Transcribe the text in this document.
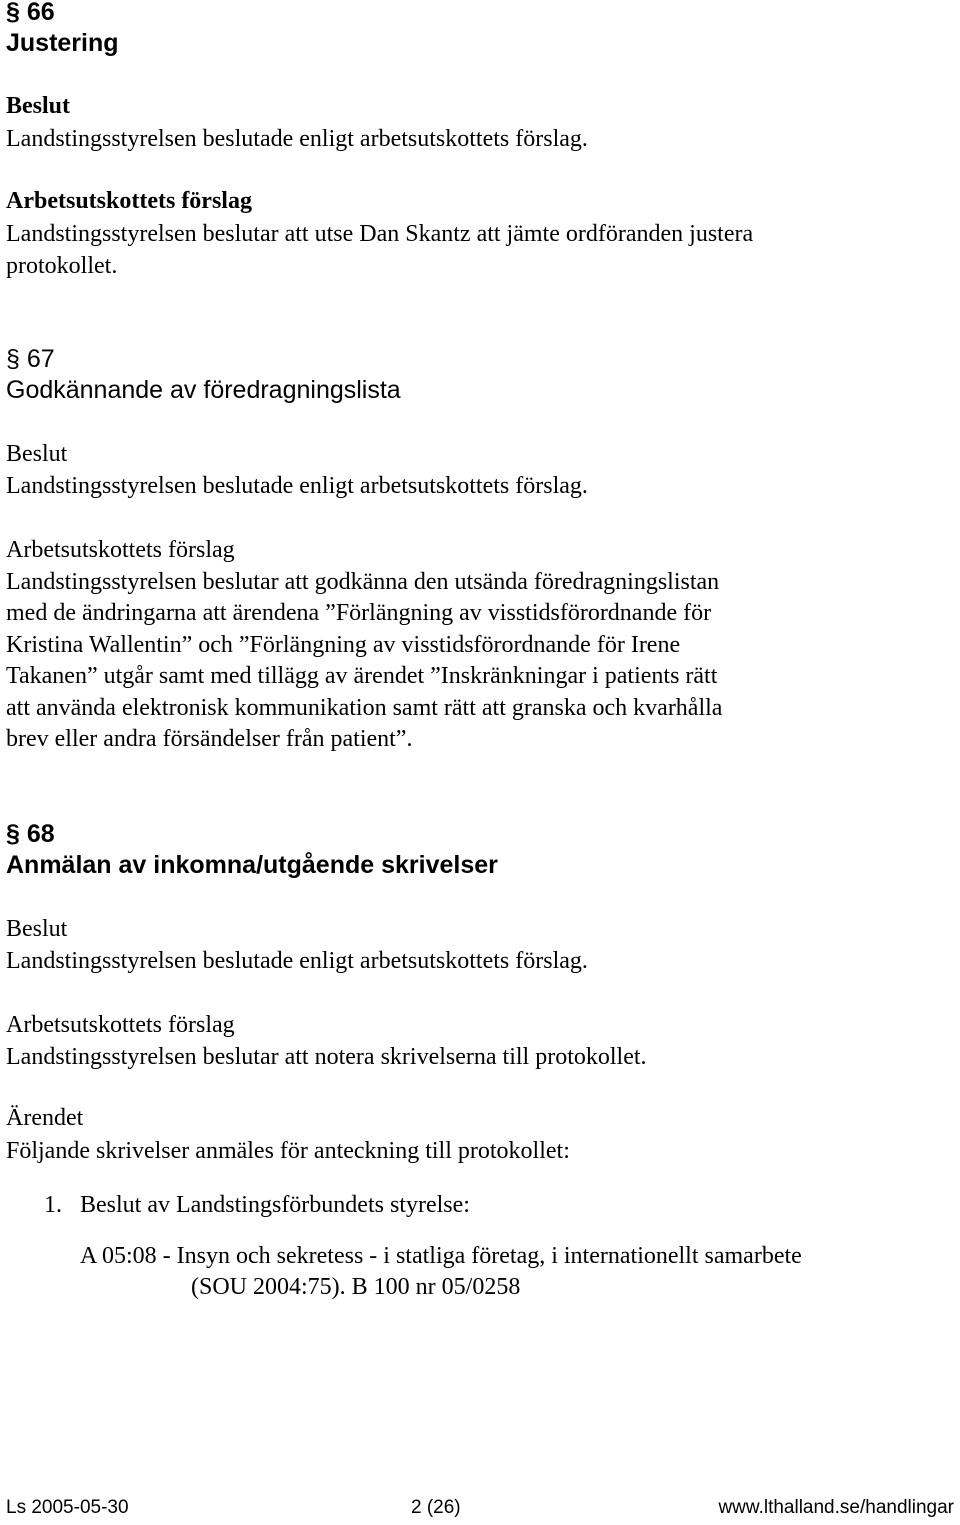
§ 66
Justering
Beslut
Landstingsstyrelsen beslutade enligt arbetsutskottets förslag.
Arbetsutskottets förslag
Landstingsstyrelsen beslutar att utse Dan Skantz att jämte ordföranden justera
protokollet.
§ 67
Godkännande av föredragningslista
Beslut
Landstingsstyrelsen beslutade enligt arbetsutskottets förslag.
Arbetsutskottets förslag
Landstingsstyrelsen beslutar att godkänna den utsända föredragningslistan
med de ändringarna att ärendena ”Förlängning av visstidsförordnande för
Kristina Wallentin” och ”Förlängning av visstidsförordnande för Irene
Takanen” utgår samt med tillägg av ärendet ”Inskränkningar i patients rätt
att använda elektronisk kommunikation samt rätt att granska och kvarhålla
brev eller andra försändelser från patient”.
§ 68
Anmälan av inkomna/utgående skrivelser
Beslut
Landstingsstyrelsen beslutade enligt arbetsutskottets förslag.
Arbetsutskottets förslag
Landstingsstyrelsen beslutar att notera skrivelserna till protokollet.
Ärendet
Följande skrivelser anmäles för anteckning till protokollet:
1. Beslut av Landstingsförbundets styrelse:
A 05:08 - Insyn och sekretess - i statliga företag, i internationellt samarbete
(SOU 2004:75). B 100 nr 05/0258
Ls 2005-05-30	2 (26)	www.lthalland.se/handlingar
